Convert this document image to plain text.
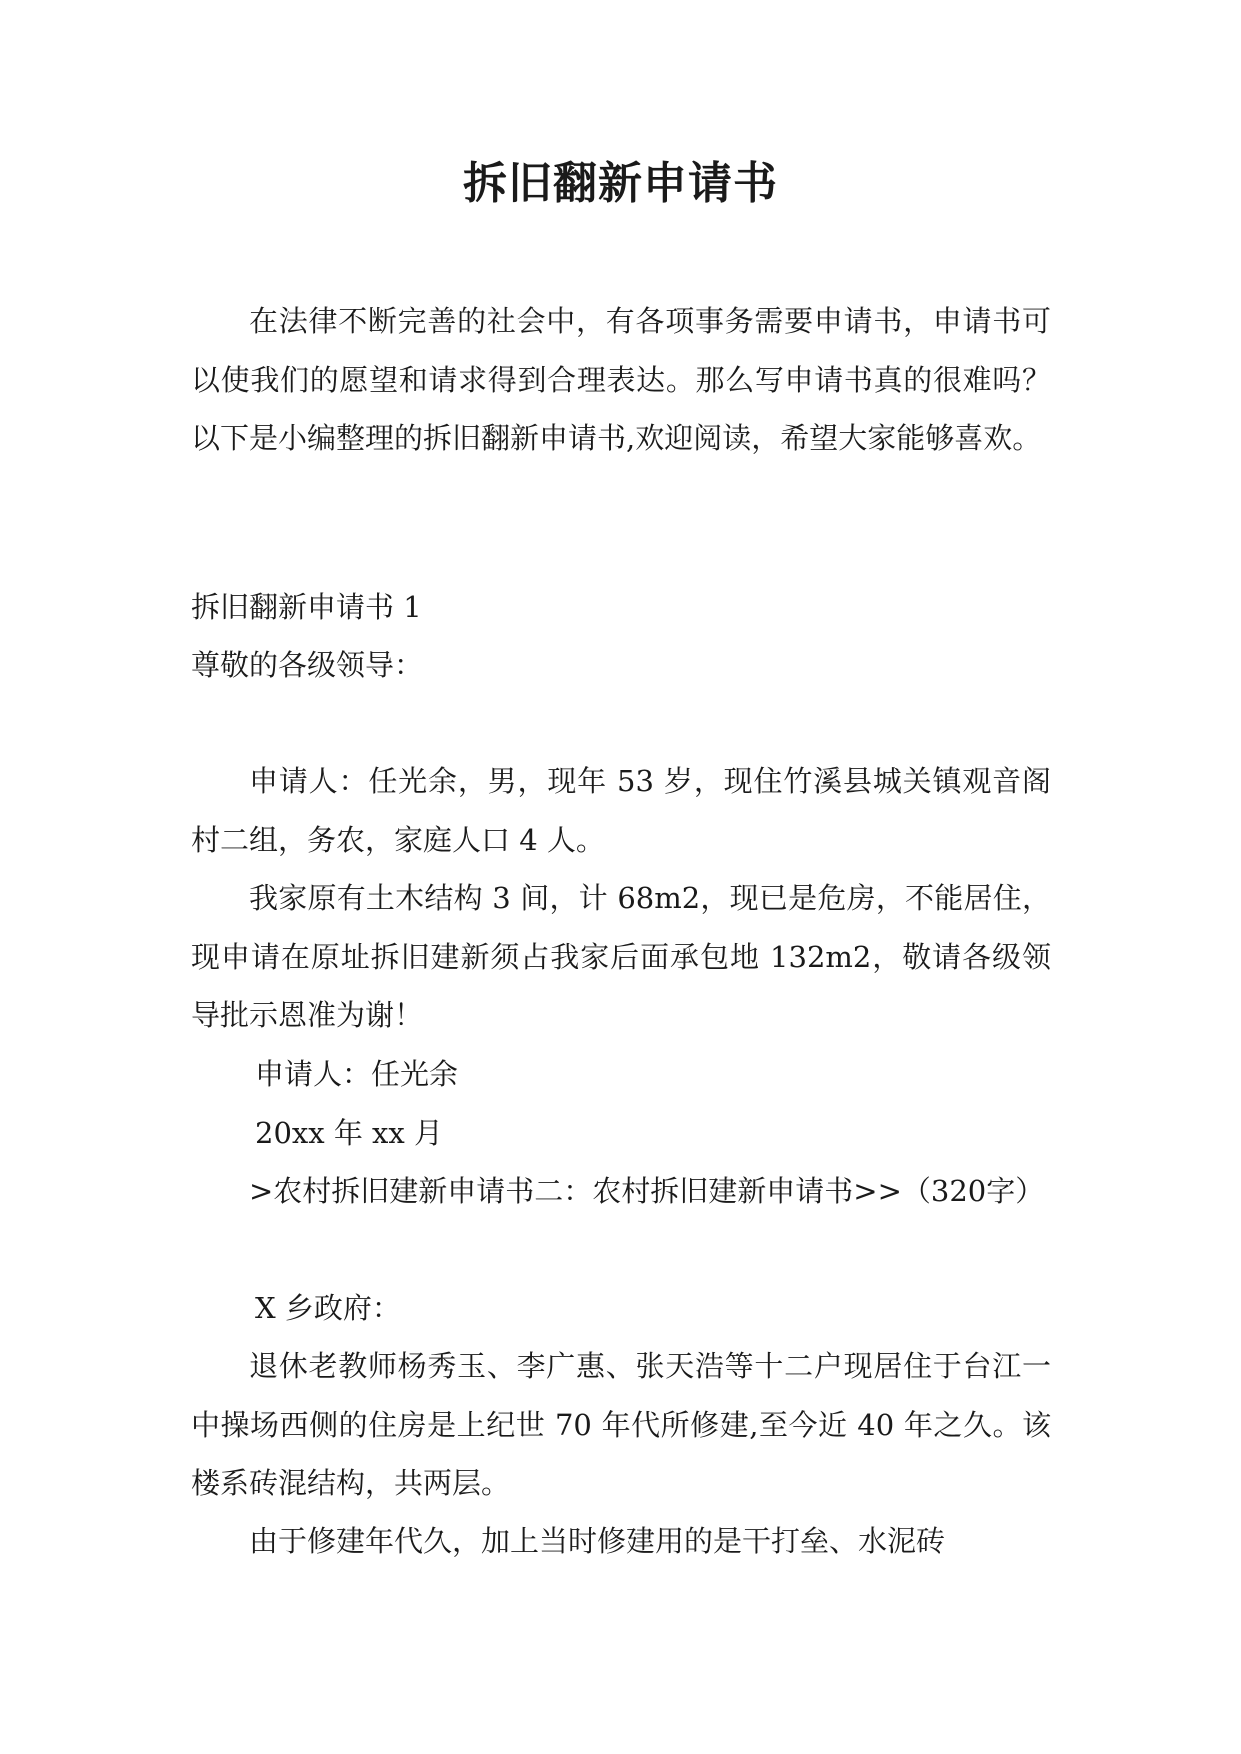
拆旧翻新申请书

在法律不断完善的社会中，有各项事务需要申请书，申请书可以使我们的愿望和请求得到合理表达。那么写申请书真的很难吗？以下是小编整理的拆旧翻新申请书,欢迎阅读，希望大家能够喜欢。

拆旧翻新申请书 1

尊敬的各级领导：

申请人：任光余，男，现年 53 岁，现住竹溪县城关镇观音阁村二组，务农，家庭人口 4 人。

我家原有土木结构 3 间，计 68m2，现已是危房，不能居住，现申请在原址拆旧建新须占我家后面承包地 132m2，敬请各级领导批示恩准为谢！

申请人：任光余

20xx 年 xx 月

>农村拆旧建新申请书二：农村拆旧建新申请书>>（320字）

X 乡政府：

退休老教师杨秀玉、李广惠、张天浩等十二户现居住于台江一中操场西侧的住房是上纪世 70 年代所修建,至今近 40 年之久。该楼系砖混结构，共两层。

由于修建年代久，加上当时修建用的是干打垒、水泥砖
